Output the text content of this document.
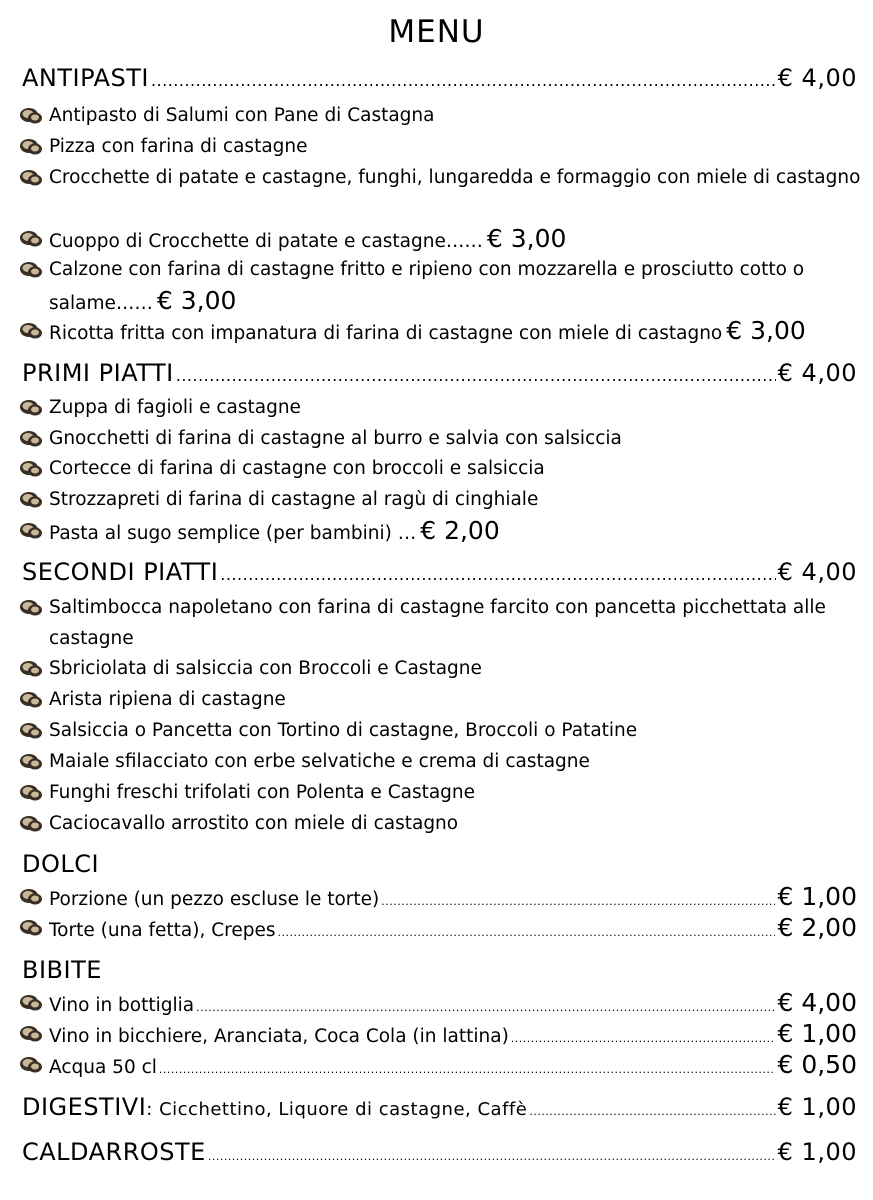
MENU
ANTIPASTI .....	€ 4,00
Antipasto di Salumi con Pane di Castagna
Pizza con farina di castagne
Crocchette di patate e castagne, funghi, lungaredda e formaggio con miele di castagno
Cuoppo di Crocchette di patate e castagne…… € 3,00
Calzone con farina di castagne fritto e ripieno con mozzarella e prosciutto cotto o salame…… € 3,00
Ricotta fritta con impanatura di farina di castagne con miele di castagno € 3,00
PRIMI PIATTI .....	€ 4,00
Zuppa di fagioli e castagne
Gnocchetti di farina di castagne al burro e salvia con salsiccia
Cortecce di farina di castagne con broccoli e salsiccia
Strozzapreti di farina di castagne al ragù di cinghiale
Pasta al sugo semplice (per bambini) … € 2,00
SECONDI PIATTI .....	€ 4,00
Saltimbocca napoletano con farina di castagne farcito con pancetta picchettata alle castagne
Sbriciolata di salsiccia con Broccoli e Castagne
Arista ripiena di castagne
Salsiccia o Pancetta con Tortino di castagne, Broccoli o Patatine
Maiale sfilacciato con erbe selvatiche e crema di castagne
Funghi freschi trifolati con Polenta e Castagne
Caciocavallo arrostito con miele di castagno
DOLCI
Porzione (un pezzo escluse le torte) .....	€ 1,00
Torte (una fetta), Crepes .....	€ 2,00
BIBITE
Vino in bottiglia .....	€ 4,00
Vino in bicchiere, Aranciata, Coca Cola (in lattina) .....	€ 1,00
Acqua 50 cl .....	€ 0,50
DIGESTIVI : Cicchettino, Liquore di castagne, Caffè .....	€ 1,00
CALDARROSTE .....	€ 1,00
